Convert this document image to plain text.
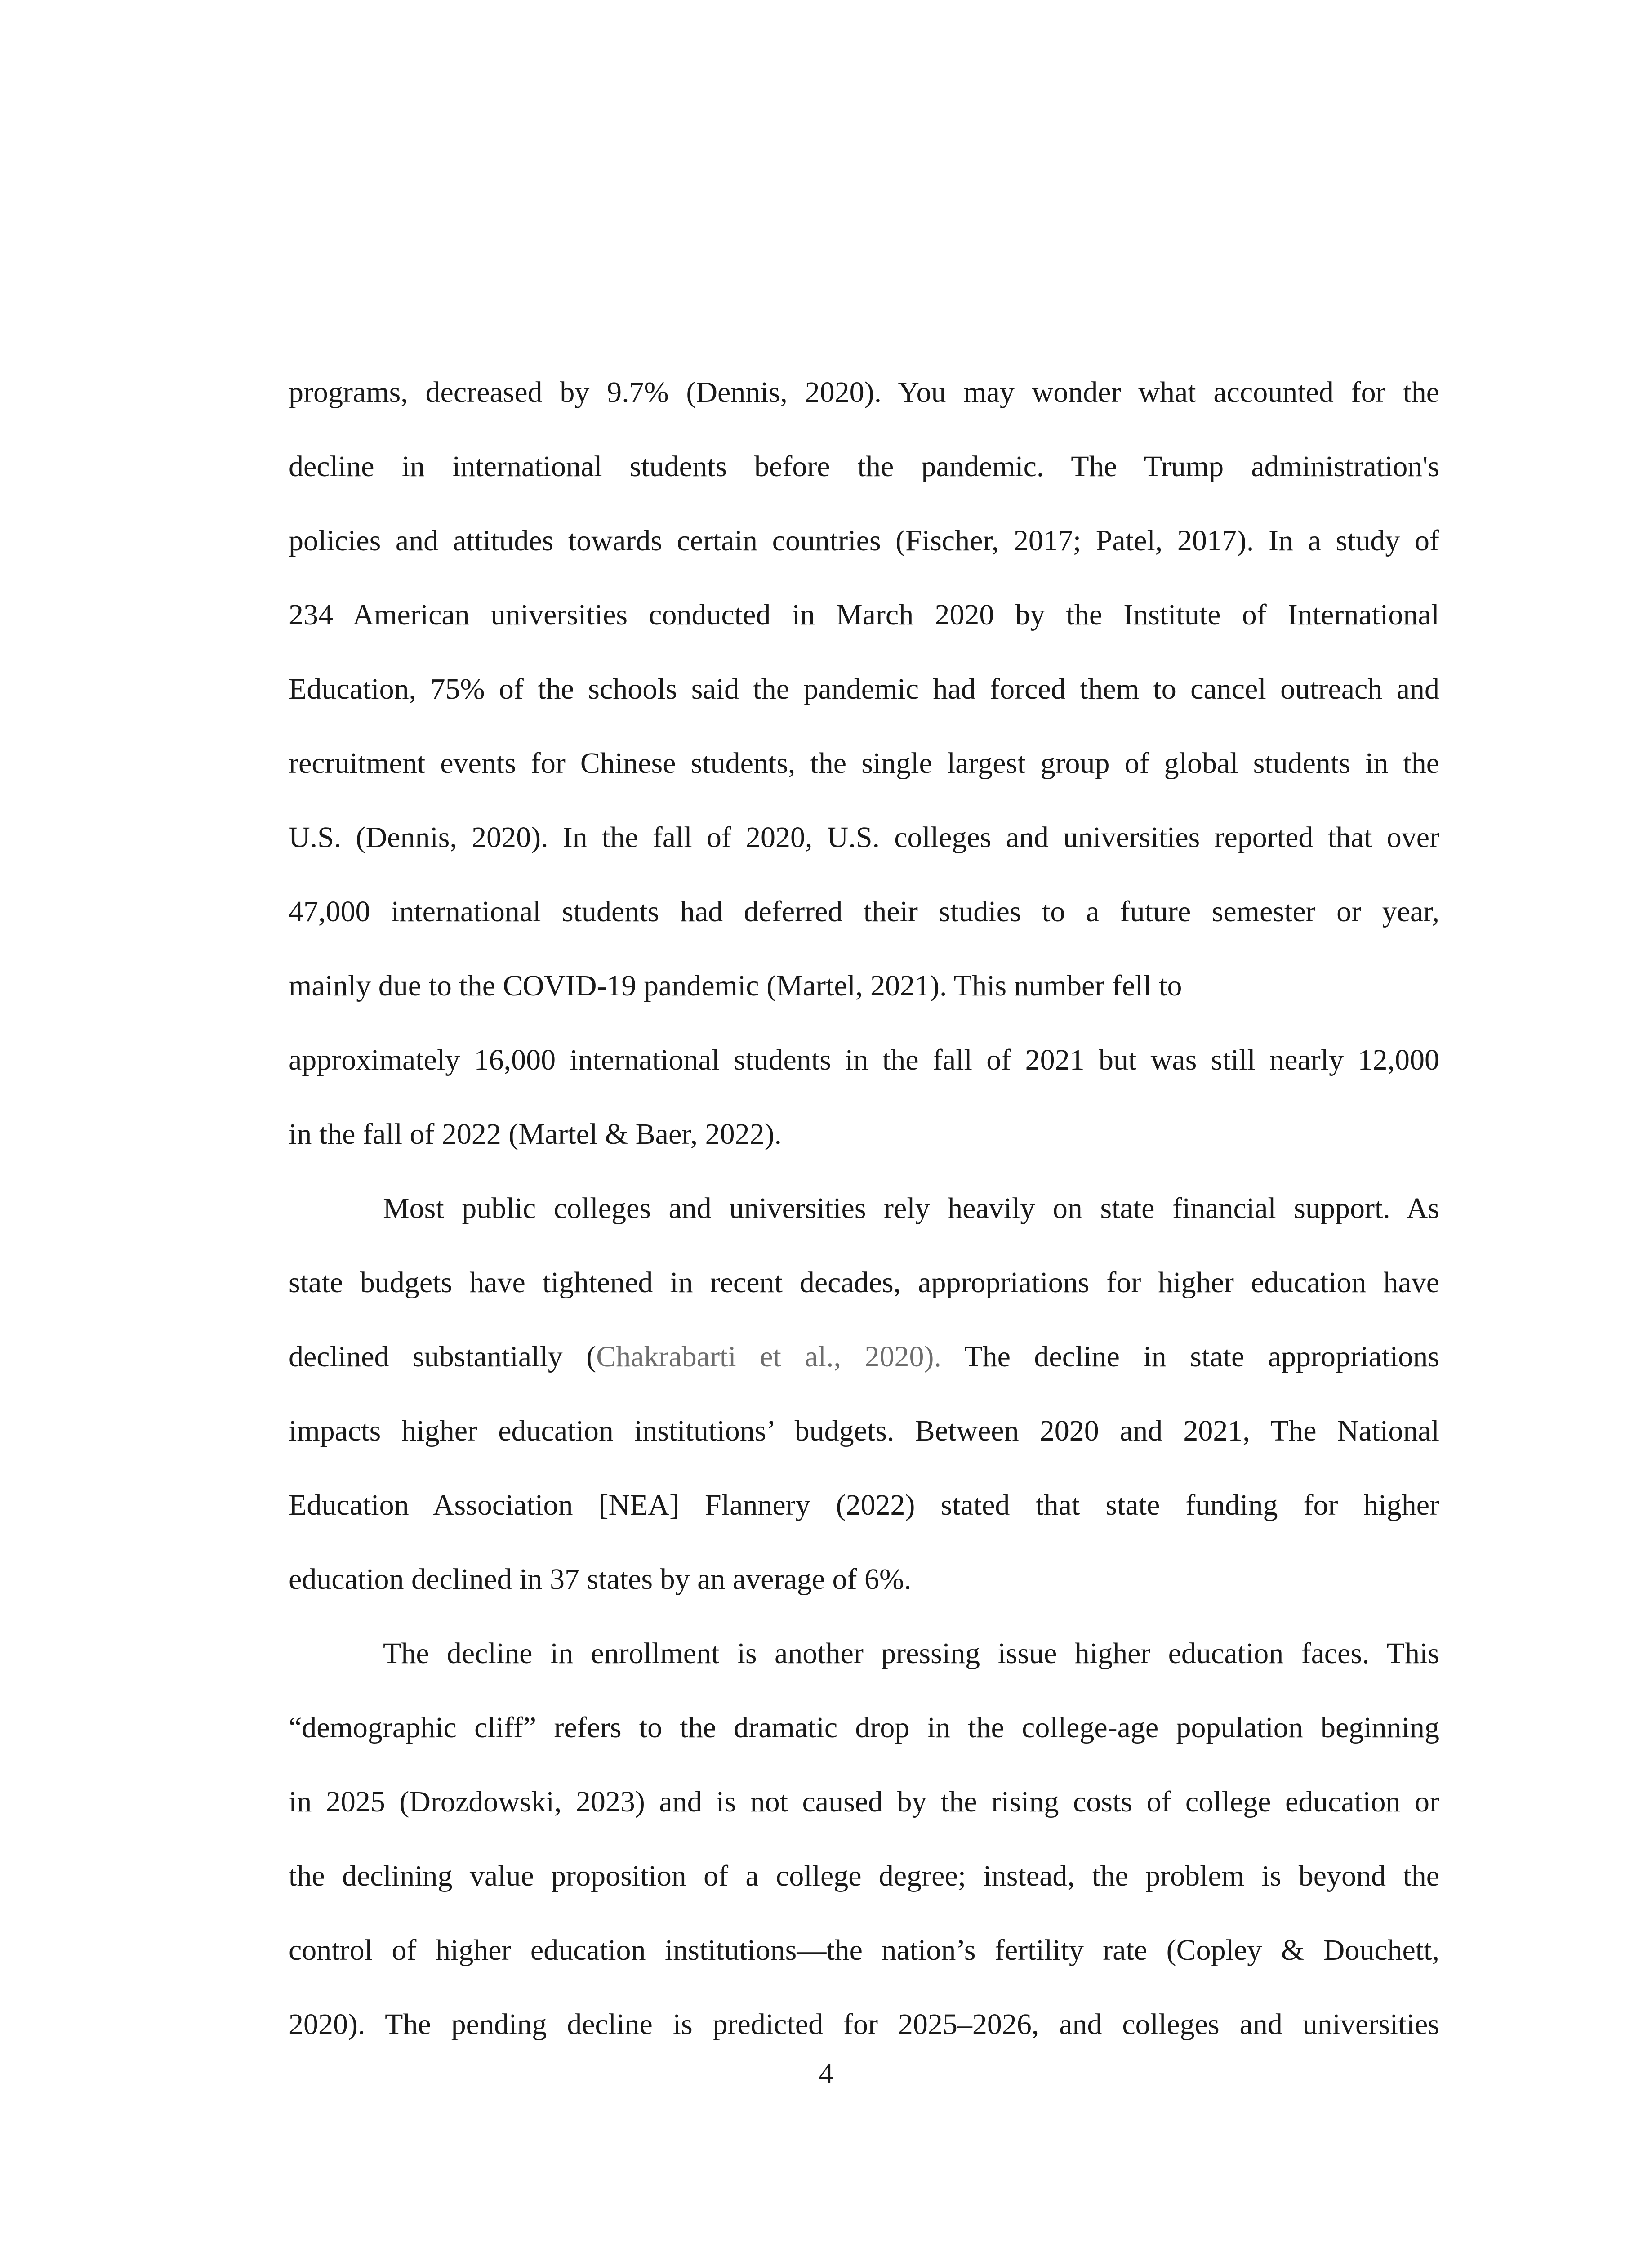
programs, decreased by 9.7% (Dennis, 2020). You may wonder what accounted for the
decline in international students before the pandemic. The Trump administration's
policies and attitudes towards certain countries (Fischer, 2017; Patel, 2017). In a study of
234 American universities conducted in March 2020 by the Institute of International
Education, 75% of the schools said the pandemic had forced them to cancel outreach and
recruitment events for Chinese students, the single largest group of global students in the
U.S. (Dennis, 2020). In the fall of 2020, U.S. colleges and universities reported that over
47,000 international students had deferred their studies to a future semester or year,
mainly due to the COVID-19 pandemic (Martel, 2021). This number fell to
approximately 16,000 international students in the fall of 2021 but was still nearly 12,000
in the fall of 2022 (Martel & Baer, 2022).
Most public colleges and universities rely heavily on state financial support. As
state budgets have tightened in recent decades, appropriations for higher education have
declined substantially (Chakrabarti et al., 2020). The decline in state appropriations
impacts higher education institutions’ budgets. Between 2020 and 2021, The National
Education Association [NEA] Flannery (2022) stated that state funding for higher
education declined in 37 states by an average of 6%.
The decline in enrollment is another pressing issue higher education faces. This
“demographic cliff” refers to the dramatic drop in the college-age population beginning
in 2025 (Drozdowski, 2023) and is not caused by the rising costs of college education or
the declining value proposition of a college degree; instead, the problem is beyond the
control of higher education institutions—the nation’s fertility rate (Copley & Douchett,
2020). The pending decline is predicted for 2025–2026, and colleges and universities
4
